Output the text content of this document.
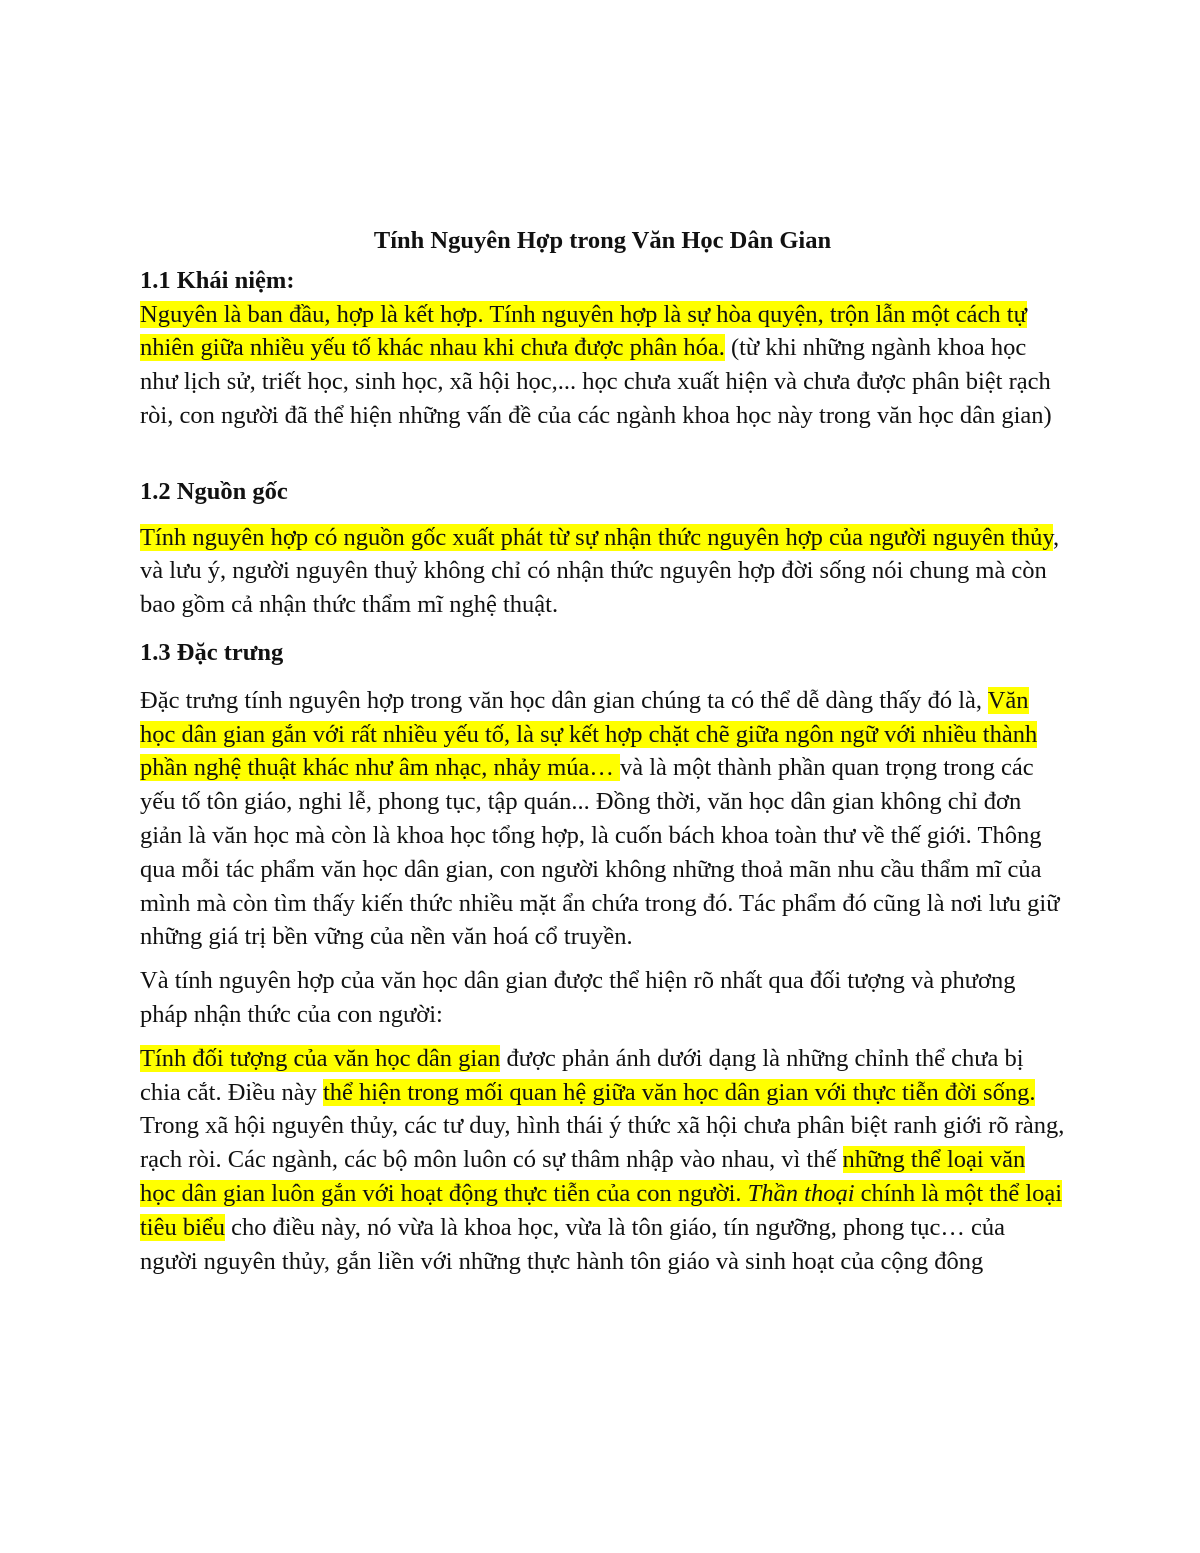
Tính Nguyên Hợp trong Văn Học Dân Gian

1.1 Khái niệm:

Nguyên là ban đầu, hợp là kết hợp. Tính nguyên hợp là sự hòa quyện, trộn lẫn một cách tự nhiên giữa nhiều yếu tố khác nhau khi chưa được phân hóa. (từ khi những ngành khoa học như lịch sử, triết học, sinh học, xã hội học,... học chưa xuất hiện và chưa được phân biệt rạch ròi, con người đã thể hiện những vấn đề của các ngành khoa học này trong văn học dân gian)

1.2 Nguồn gốc

Tính nguyên hợp có nguồn gốc xuất phát từ sự nhận thức nguyên hợp của người nguyên thủy, và lưu ý, người nguyên thuỷ không chỉ có nhận thức nguyên hợp đời sống nói chung mà còn bao gồm cả nhận thức thẩm mĩ nghệ thuật.

1.3 Đặc trưng

Đặc trưng tính nguyên hợp trong văn học dân gian chúng ta có thể dễ dàng thấy đó là, Văn học dân gian gắn với rất nhiều yếu tố, là sự kết hợp chặt chẽ giữa ngôn ngữ với nhiều thành phần nghệ thuật khác như âm nhạc, nhảy múa… và là một thành phần quan trọng trong các yếu tố tôn giáo, nghi lễ, phong tục, tập quán... Đồng thời, văn học dân gian không chỉ đơn giản là văn học mà còn là khoa học tổng hợp, là cuốn bách khoa toàn thư về thế giới. Thông qua mỗi tác phẩm văn học dân gian, con người không những thoả mãn nhu cầu thẩm mĩ của mình mà còn tìm thấy kiến thức nhiều mặt ẩn chứa trong đó. Tác phẩm đó cũng là nơi lưu giữ những giá trị bền vững của nền văn hoá cổ truyền.

Và tính nguyên hợp của văn học dân gian được thể hiện rõ nhất qua đối tượng và phương pháp nhận thức của con người:

Tính đối tượng của văn học dân gian được phản ánh dưới dạng là những chỉnh thể chưa bị chia cắt. Điều này thể hiện trong mối quan hệ giữa văn học dân gian với thực tiễn đời sống. Trong xã hội nguyên thủy, các tư duy, hình thái ý thức xã hội chưa phân biệt ranh giới rõ ràng, rạch ròi. Các ngành, các bộ môn luôn có sự thâm nhập vào nhau, vì thế những thể loại văn học dân gian luôn gắn với hoạt động thực tiễn của con người. Thần thoại chính là một thể loại tiêu biểu cho điều này, nó vừa là khoa học, vừa là tôn giáo, tín ngưỡng, phong tục… của người nguyên thủy, gắn liền với những thực hành tôn giáo và sinh hoạt của cộng đông
